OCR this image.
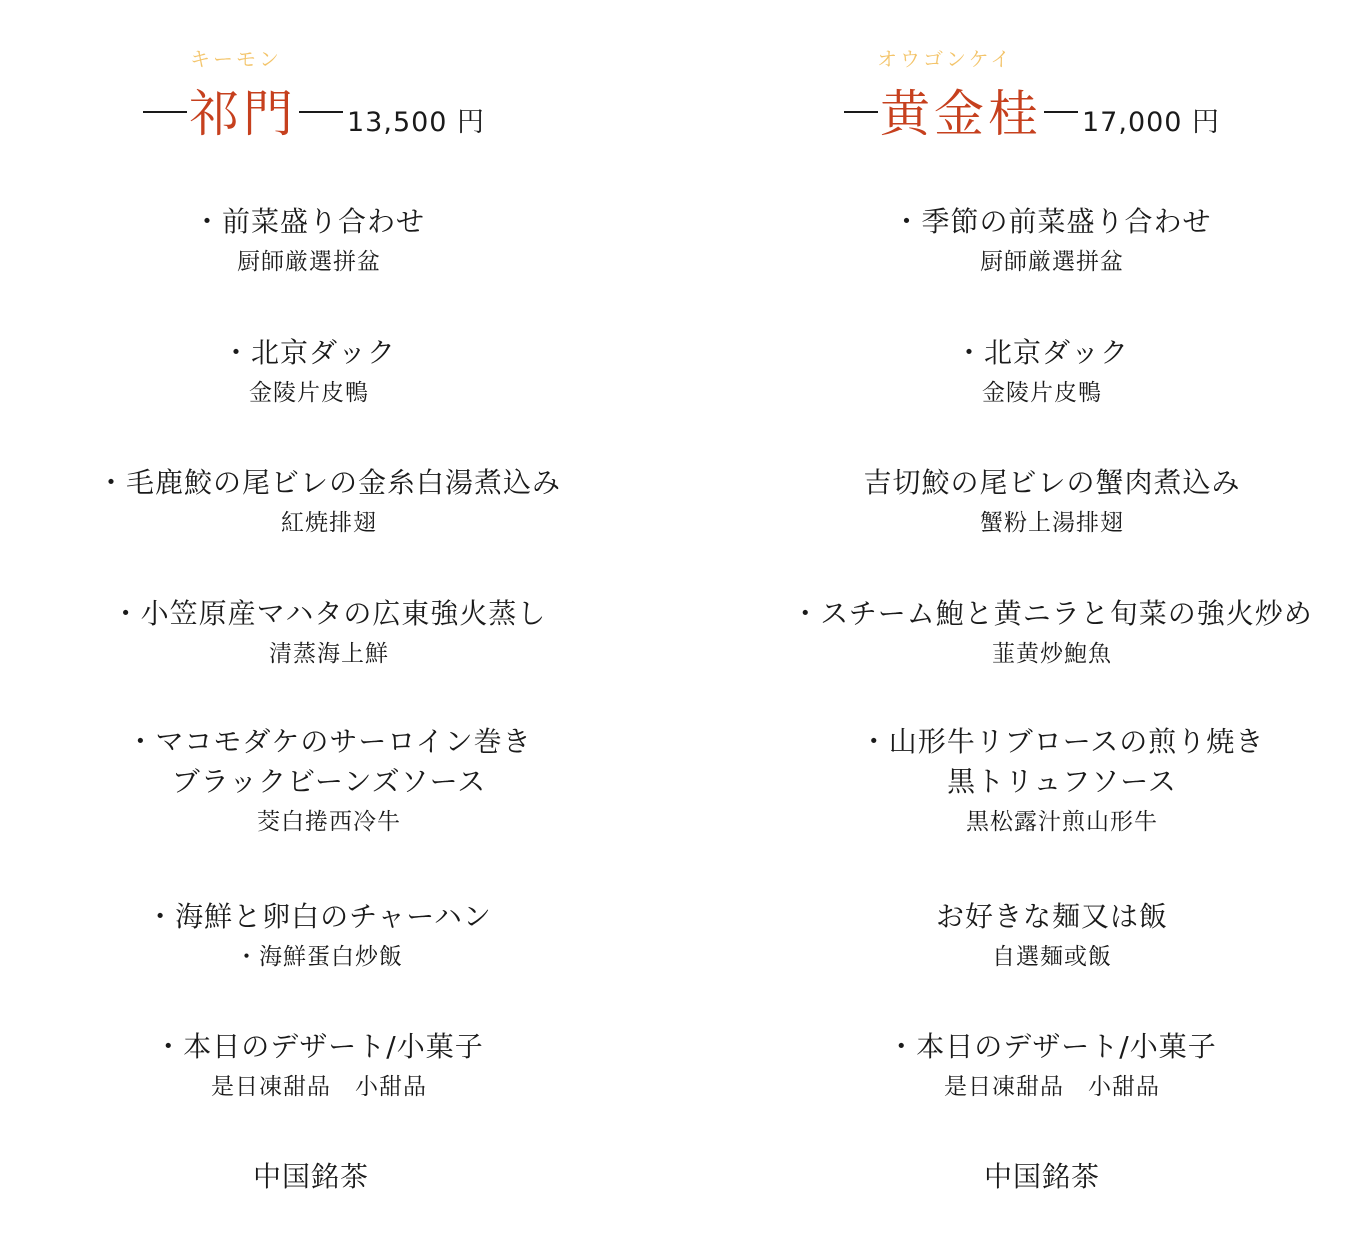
キーモン
祁門 13,500 円
・前菜盛り合わせ
厨師厳選拼盆
・北京ダック
金陵片皮鴨
・毛鹿鮫の尾ビレの金糸白湯煮込み
紅焼排翅
・小笠原産マハタの広東強火蒸し
清蒸海上鮮
・マコモダケのサーロイン巻き
ブラックビーンズソース
茭白捲西冷牛
・海鮮と卵白のチャーハン
・海鮮蛋白炒飯
・本日のデザート/小菓子
是日凍甜品　小甜品
中国銘茶
オウゴンケイ
黄金桂 17,000 円
・季節の前菜盛り合わせ
厨師厳選拼盆
・北京ダック
金陵片皮鴨
吉切鮫の尾ビレの蟹肉煮込み
蟹粉上湯排翅
・スチーム鮑と黄ニラと旬菜の強火炒め
韮黄炒鮑魚
・山形牛リブロースの煎り焼き
黒トリュフソース
黒松露汁煎山形牛
お好きな麺又は飯
自選麺或飯
・本日のデザート/小菓子
是日凍甜品　小甜品
中国銘茶
